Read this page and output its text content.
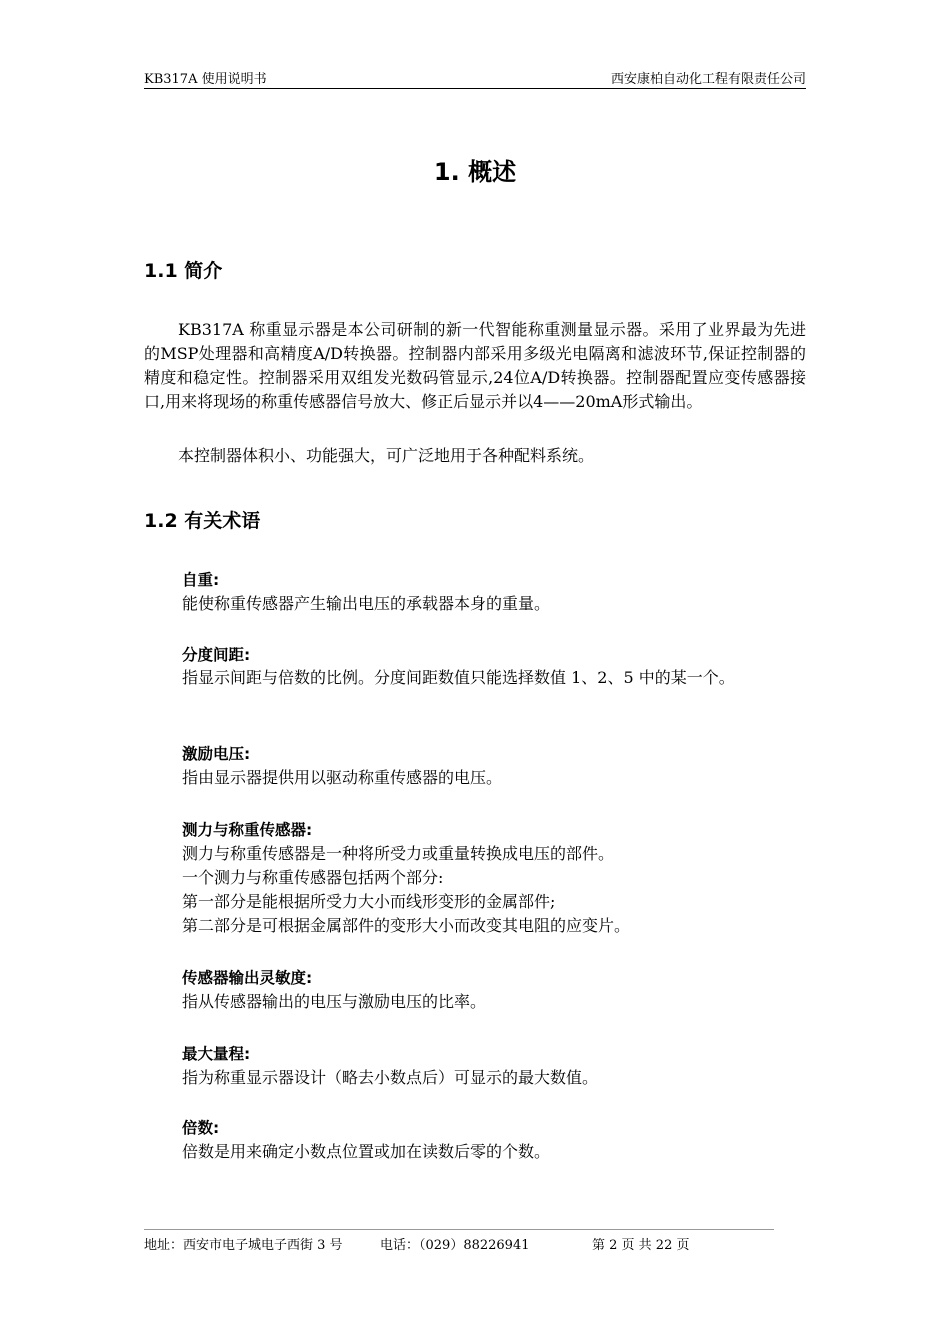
KB317A 使用说明书	西安康柏自动化工程有限责任公司
1. 概述
1.1 简介
KB317A 称重显示器是本公司研制的新一代智能称重测量显示器。采用了业界最为先进的MSP处理器和高精度A/D转换器。控制器内部采用多级光电隔离和滤波环节,保证控制器的精度和稳定性。控制器采用双组发光数码管显示,24位A/D转换器。控制器配置应变传感器接口,用来将现场的称重传感器信号放大、修正后显示并以4——20mA形式输出。
本控制器体积小、功能强大，可广泛地用于各种配料系统。
1.2 有关术语
自重:
能使称重传感器产生输出电压的承载器本身的重量。
分度间距:
指显示间距与倍数的比例。分度间距数值只能选择数值 1、2、5 中的某一个。
激励电压:
指由显示器提供用以驱动称重传感器的电压。
测力与称重传感器:
测力与称重传感器是一种将所受力或重量转换成电压的部件。
一个测力与称重传感器包括两个部分:
第一部分是能根据所受力大小而线形变形的金属部件;
第二部分是可根据金属部件的变形大小而改变其电阻的应变片。
传感器输出灵敏度:
指从传感器输出的电压与激励电压的比率。
最大量程:
指为称重显示器设计（略去小数点后）可显示的最大数值。
倍数:
倍数是用来确定小数点位置或加在读数后零的个数。
地址：西安市电子城电子西街 3 号	电话：（029）88226941	第 2 页 共 22 页
